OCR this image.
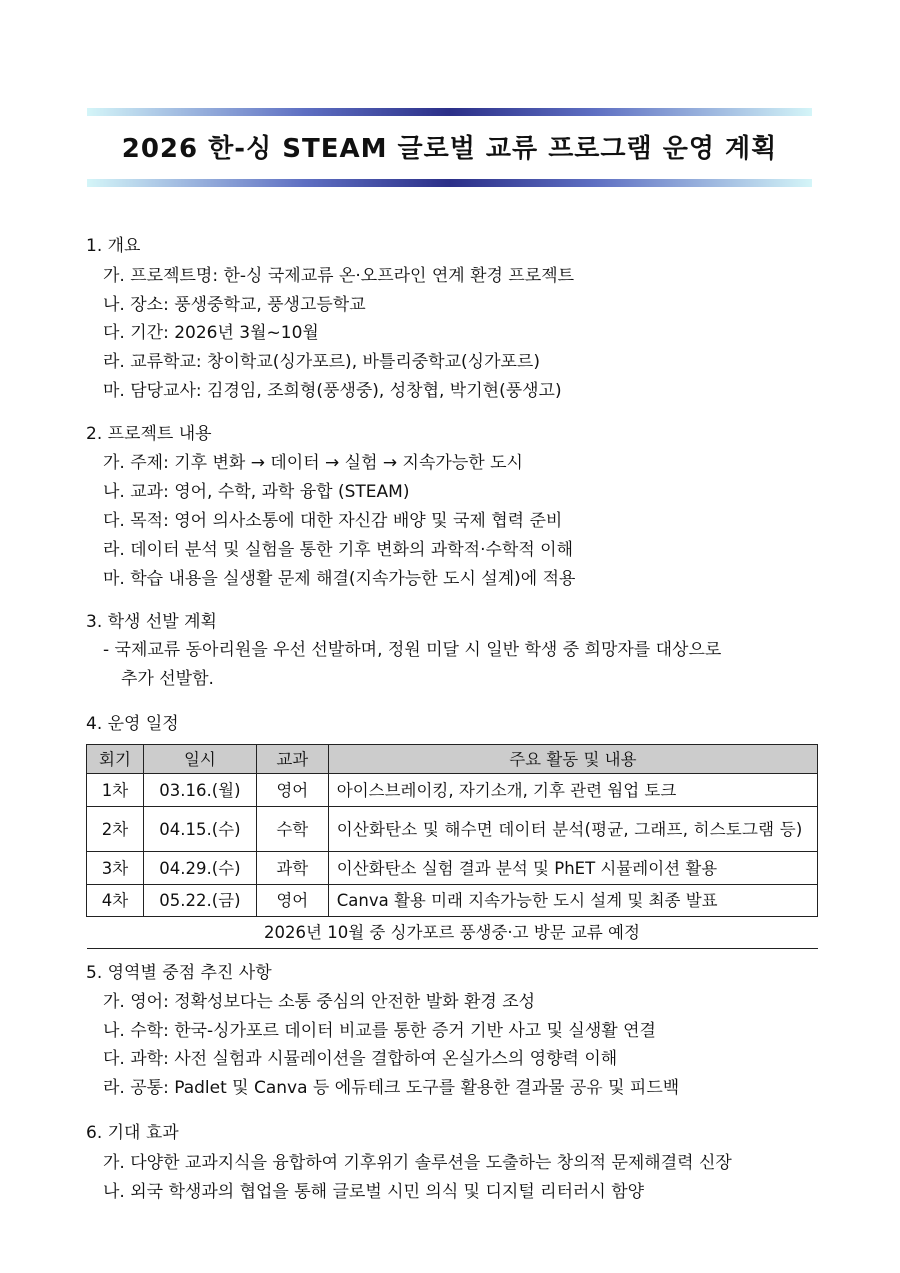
2026 한-싱 STEAM 글로벌 교류 프로그램 운영 계획
1. 개요
가. 프로젝트명: 한-싱 국제교류 온·오프라인 연계 환경 프로젝트
나. 장소: 풍생중학교, 풍생고등학교
다. 기간: 2026년 3월~10월
라. 교류학교: 창이학교(싱가포르), 바틀리중학교(싱가포르)
마. 담당교사: 김경임, 조희형(풍생중), 성창협, 박기현(풍생고)
2. 프로젝트 내용
가. 주제: 기후 변화 → 데이터 → 실험 → 지속가능한 도시
나. 교과: 영어, 수학, 과학 융합 (STEAM)
다. 목적: 영어 의사소통에 대한 자신감 배양 및 국제 협력 준비
라. 데이터 분석 및 실험을 통한 기후 변화의 과학적·수학적 이해
마. 학습 내용을 실생활 문제 해결(지속가능한 도시 설계)에 적용
3. 학생 선발 계획
- 국제교류 동아리원을 우선 선발하며, 정원 미달 시 일반 학생 중 희망자를 대상으로
추가 선발함.
4. 운영 일정
회기	일시	교과	주요 활동 및 내용
1차	03.16.(월)	영어	아이스브레이킹, 자기소개, 기후 관련 웜업 토크
2차	04.15.(수)	수학	이산화탄소 및 해수면 데이터 분석(평균, 그래프, 히스토그램 등)
3차	04.29.(수)	과학	이산화탄소 실험 결과 분석 및 PhET 시뮬레이션 활용
4차	05.22.(금)	영어	Canva 활용 미래 지속가능한 도시 설계 및 최종 발표
2026년 10월 중 싱가포르 풍생중·고 방문 교류 예정			
5. 영역별 중점 추진 사항
가. 영어: 정확성보다는 소통 중심의 안전한 발화 환경 조성
나. 수학: 한국-싱가포르 데이터 비교를 통한 증거 기반 사고 및 실생활 연결
다. 과학: 사전 실험과 시뮬레이션을 결합하여 온실가스의 영향력 이해
라. 공통: Padlet 및 Canva 등 에듀테크 도구를 활용한 결과물 공유 및 피드백
6. 기대 효과
가. 다양한 교과지식을 융합하여 기후위기 솔루션을 도출하는 창의적 문제해결력 신장
나. 외국 학생과의 협업을 통해 글로벌 시민 의식 및 디지털 리터러시 함양
